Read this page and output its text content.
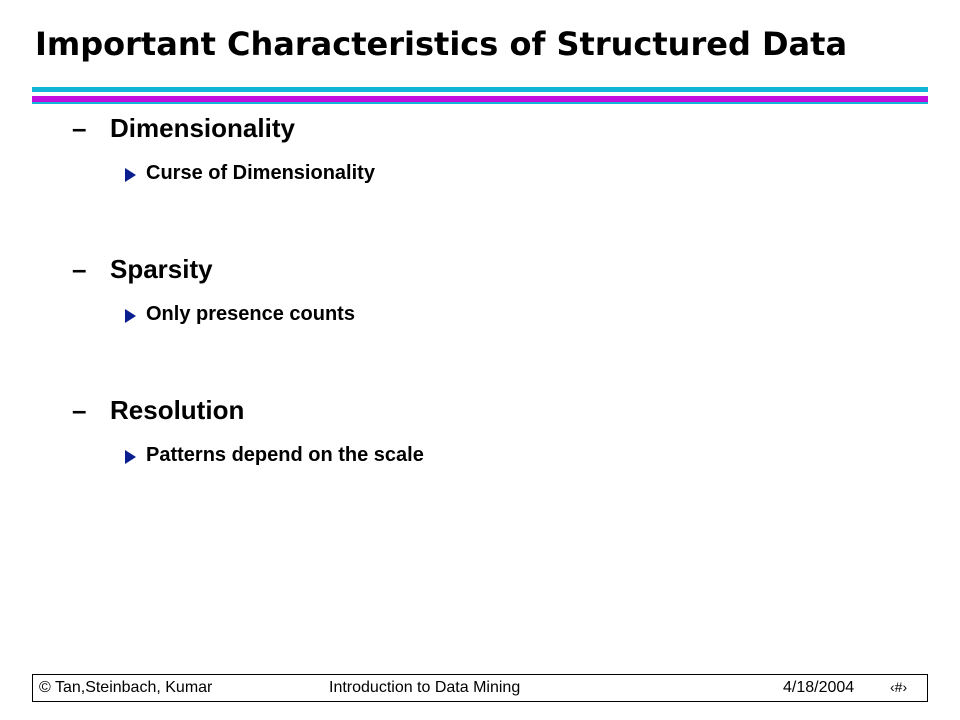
Important Characteristics of Structured Data
– Dimensionality
Curse of Dimensionality
– Sparsity
Only presence counts
– Resolution
Patterns depend on the scale
© Tan,Steinbach, Kumar	Introduction to Data Mining	4/18/2004	‹#›
